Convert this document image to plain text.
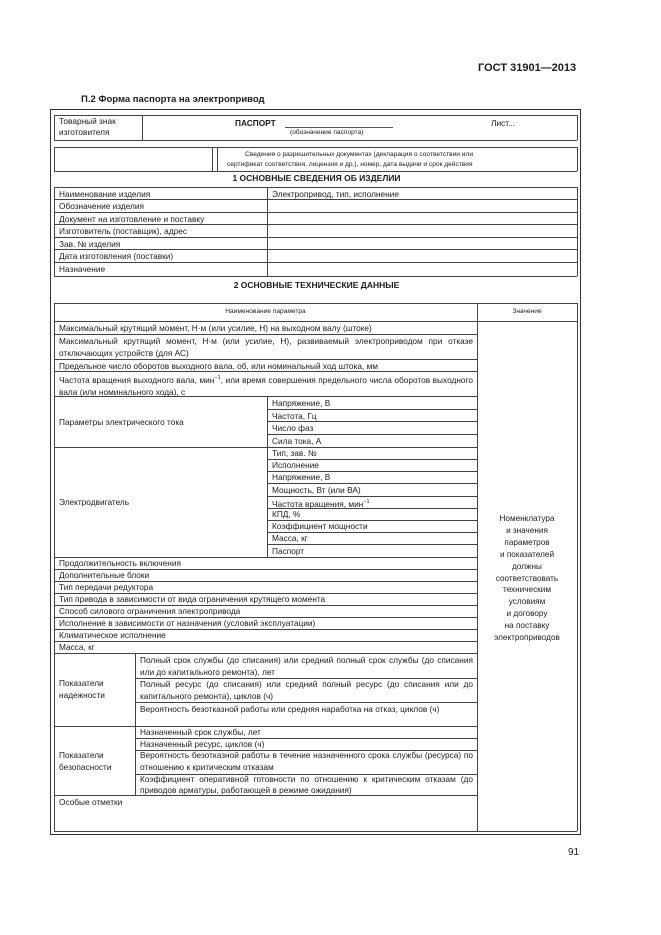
ГОСТ 31901—2013
П.2 Форма паспорта на электропривод
Товарный знак изготовителя
ПАСПОРТ
(обозначение паспорта)
Лист...
Сведения о разрешительных документах (декларация о соответствии или
сертификат соответствия, лицензия и др.), номер, дата выдачи и срок действия
1 ОСНОВНЫЕ СВЕДЕНИЯ ОБ ИЗДЕЛИИ
Наименование изделия	Электропривод, тип, исполнение
Обозначение изделия
Документ на изготовление и поставку
Изготовитель (поставщик), адрес
Зав. № изделия
Дата изготовления (поставки)
Назначение
2 ОСНОВНЫЕ ТЕХНИЧЕСКИЕ ДАННЫЕ
Наименование параметра	Значение
Максимальный крутящий момент, Н·м (или усилие, Н) на выходном валу (штоке)
Максимальный крутящий момент, Н·м (или усилие, Н), развиваемый электроприводом при отказе отключающих устройств (для АС)
Предельное число оборотов выходного вала, об, или номинальный ход штока, мм
Частота вращения выходного вала, мин$^{-1}$, или время совершения предельного числа оборотов выходного вала (или номинального хода), с
Параметры электрического тока
Напряжение, В
Частота, Гц
Число фаз
Сила тока, А
Электродвигатель
Тип, зав. №
Исполнение
Напряжение, В
Мощность, Вт (или ВА)
Частота вращения, мин$^{-1}$
КПД, %
Коэффициент мощности
Масса, кг
Паспорт
Продолжительность включения
Дополнительные блоки
Тип передачи редуктора
Тип привода в зависимости от вида ограничения крутящего момента
Способ силового ограничения электропривода
Исполнение в зависимости от назначения (условий эксплуатации)
Климатическое исполнение
Масса, кг
Показатели
надежности
Полный срок службы (до списания) или средний полный срок службы (до списания или до капитального ремонта), лет
Полный ресурс (до списания) или средний полный ресурс (до списания или до капитального ремонта), циклов (ч)
Вероятность безотказной работы или средняя наработка на отказ, циклов (ч)
Показатели
безопасности
Назначенный срок службы, лет
Назначенный ресурс, циклов (ч)
Вероятность безотказной работы в течение назначенного срока службы (ресурса) по отношению к критическим отказам
Коэффициент оперативной готовности по отношению к критическим отказам (до приводов арматуры, работающей в режиме ожидания)
Особые отметки
Номенклатура
и значения
параметров
и показателей
должны
соответствовать
техническим
условиям
и договору
на поставку
электроприводов
91
